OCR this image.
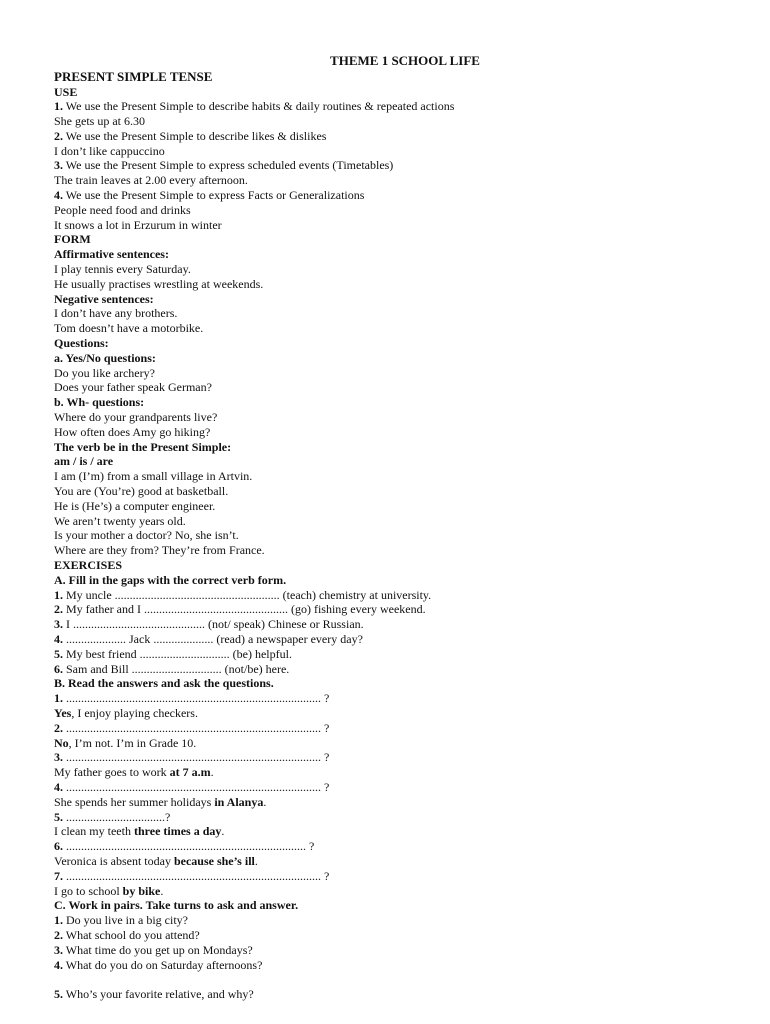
THEME 1 SCHOOL LIFE
PRESENT SIMPLE TENSE
USE
1. We use the Present Simple to describe habits & daily routines & repeated actions
She gets up at 6.30
2. We use the Present Simple to describe likes & dislikes
I don’t like cappuccino
3. We use the Present Simple to express scheduled events (Timetables)
The train leaves at 2.00 every afternoon.
4. We use the Present Simple to express Facts or Generalizations
People need food and drinks
It snows a lot in Erzurum in winter
FORM
Affirmative sentences:
I play tennis every Saturday.
He usually practises wrestling at weekends.
Negative sentences:
I don’t have any brothers.
Tom doesn’t have a motorbike.
Questions:
a. Yes/No questions:
Do you like archery?
Does your father speak German?
b. Wh- questions:
Where do your grandparents live?
How often does Amy go hiking?
The verb be in the Present Simple:
am / is / are
I am (I’m) from a small village in Artvin.
You are (You’re) good at basketball.
He is (He’s) a computer engineer.
We aren’t twenty years old.
Is your mother a doctor? No, she isn’t.
Where are they from? They’re from France.
EXERCISES
A. Fill in the gaps with the correct verb form.
1. My uncle ....................................................... (teach) chemistry at university.
2. My father and I ................................................ (go) fishing every weekend.
3. I ............................................ (not/ speak) Chinese or Russian.
4. .................... Jack .................... (read) a newspaper every day?
5. My best friend .............................. (be) helpful.
6. Sam and Bill .............................. (not/be) here.
B. Read the answers and ask the questions.
1. ..................................................................................... ?
Yes, I enjoy playing checkers.
2. ..................................................................................... ?
No, I’m not. I’m in Grade 10.
3. ..................................................................................... ?
My father goes to work at 7 a.m.
4. ..................................................................................... ?
She spends her summer holidays in Alanya.
5. .................................?
I clean my teeth three times a day.
6. ................................................................................ ?
Veronica is absent today because she’s ill.
7. ..................................................................................... ?
I go to school by bike.
C. Work in pairs. Take turns to ask and answer.
1. Do you live in a big city?
2. What school do you attend?
3. What time do you get up on Mondays?
4. What do you do on Saturday afternoons?
5. Who’s your favorite relative, and why?
